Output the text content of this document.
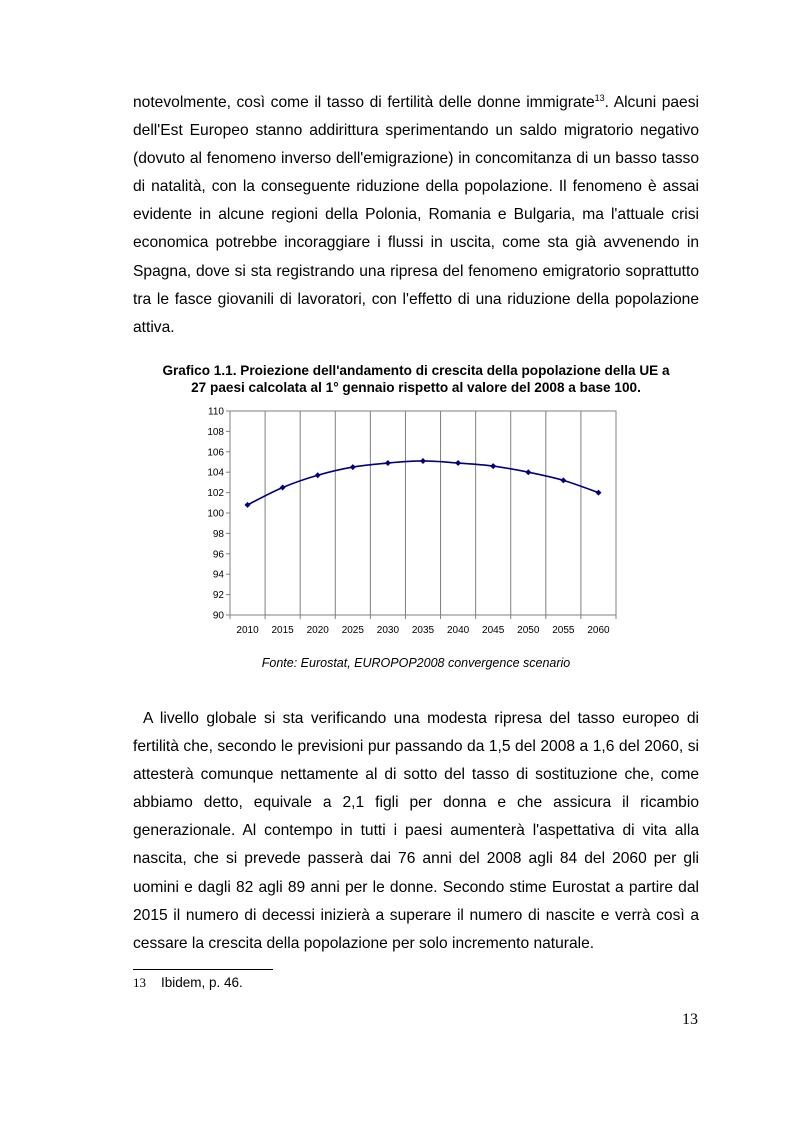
notevolmente, così come il tasso di fertilità delle donne immigrate$^{13}$. Alcuni paesi dell'Est Europeo stanno addirittura sperimentando un saldo migratorio negativo (dovuto al fenomeno inverso dell'emigrazione) in concomitanza di un basso tasso di natalità, con la conseguente riduzione della popolazione. Il fenomeno è assai evidente in alcune regioni della Polonia, Romania e Bulgaria, ma l'attuale crisi economica potrebbe incoraggiare i flussi in uscita, come sta già avvenendo in Spagna, dove si sta registrando una ripresa del fenomeno emigratorio soprattutto tra le fasce giovanili di lavoratori, con l'effetto di una riduzione della popolazione attiva.

Grafico 1.1. Proiezione dell'andamento di crescita della popolazione della UE a
27 paesi calcolata al 1° gennaio rispetto al valore del 2008 a base 100.
90
92
94
96
98
100
102
104
106
108
110
2010 2015 2020 2025 2030 2035 2040 2045 2050 2055 2060

Fonte: Eurostat, EUROPOP2008 convergence scenario

A livello globale si sta verificando una modesta ripresa del tasso europeo di fertilità che, secondo le previsioni pur passando da 1,5 del 2008 a 1,6 del 2060, si attesterà comunque nettamente al di sotto del tasso di sostituzione che, come abbiamo detto, equivale a 2,1 figli per donna e che assicura il ricambio generazionale. Al contempo in tutti i paesi aumenterà l'aspettativa di vita alla nascita, che si prevede passerà dai 76 anni del 2008 agli 84 del 2060 per gli uomini e dagli 82 agli 89 anni per le donne. Secondo stime Eurostat a partire dal 2015 il numero di decessi inizierà a superare il numero di nascite e verrà così a cessare la crescita della popolazione per solo incremento naturale.

13 Ibidem, p. 46.

13
